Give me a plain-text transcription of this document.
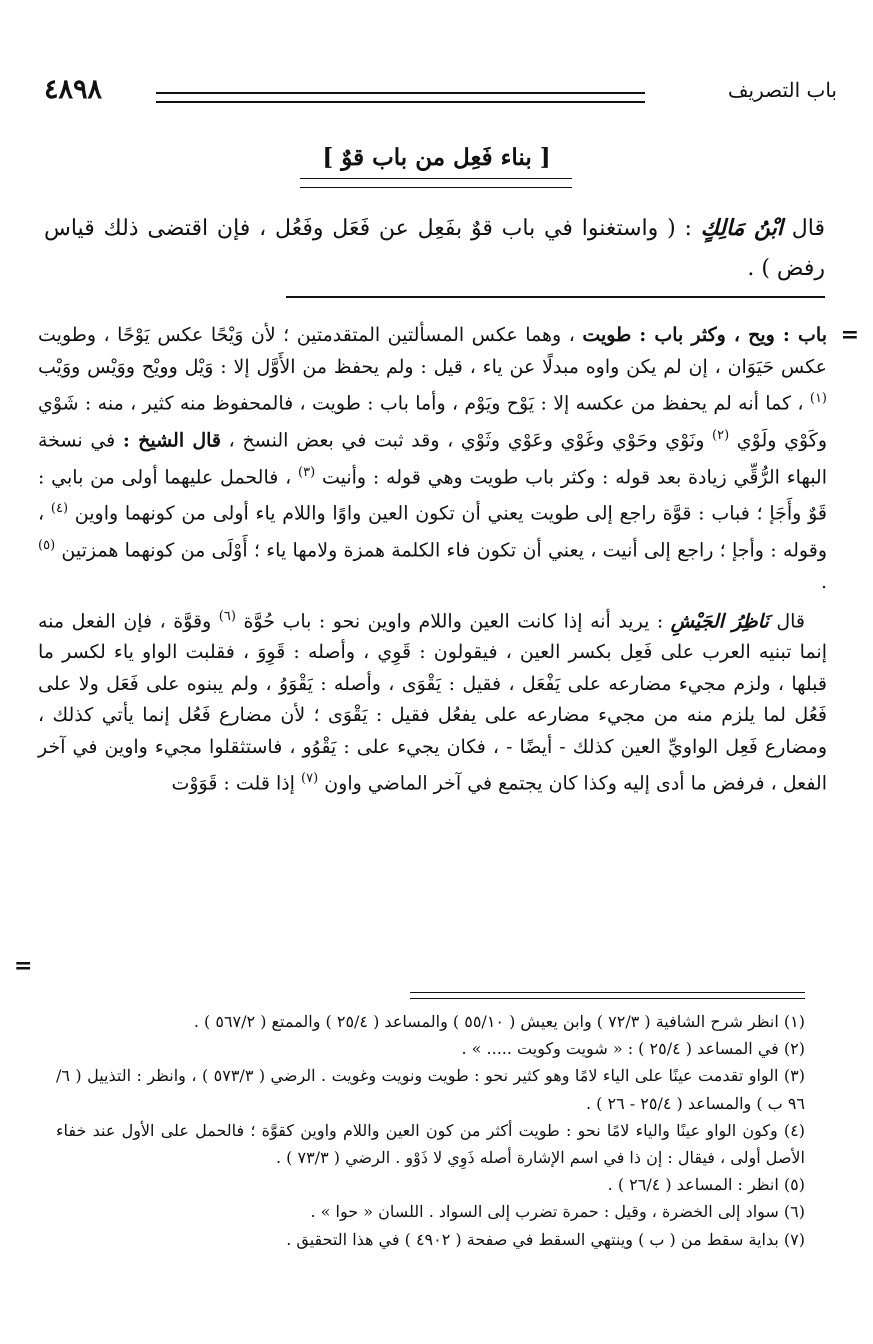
٤٨٩٨	باب التصريف
[ بناء فَعِل من باب قوٌ ]
قال ابْنُ مَالِكٍ : ( واستغنوا في باب قوٌ بفَعِل عن فَعَل وفَعُل ، فإن اقتضى ذلك قياس رفض ) .
=

باب : ويح ، وكثر باب : طويت ، وهما عكس المسألتين المتقدمتين ؛ لأن وَيْحًا عكس يَوْحًا ، وطويت عكس حَيَوَان ، إن لم يكن واوه مبدلًا عن ياء ، قيل : ولم يحفظ من الأَوَّل إلا : وَيْل وويْح ووَيْس ووَيْب $^{(١)}$ ، كما أنه لم يحفظ من عكسه إلا : يَوْح ويَوْم ، وأما باب : طويت ، فالمحفوظ منه كثير ، منه : شَوْي وكَوْي ولَوْي $^{(٢)}$ ونَوْي وحَوْي وغَوْي وعَوْي وثَوْي ، وقد ثبت في بعض النسخ ، قال الشيخ : في نسخة البهاء الرُّقِّي زيادة بعد قوله : وكثر باب طويت وهي قوله : وأنيت $^{(٣)}$ ، فالحمل عليهما أولى من بابي : قَوٌ وأَجَإ ؛ فباب : قوَّة راجع إلى طويت يعني أن تكون العين واوًا واللام ياء أولى من كونهما واوين $^{(٤)}$ ، وقوله : وأجإ ؛ راجع إلى أنيت ، يعني أن تكون فاء الكلمة همزة ولامها ياء ؛ أَوْلَى من كونهما همزتين $^{(٥)}$ .

قال نَاظِرُ الجَيْشِ : يريد أنه إذا كانت العين واللام واوين نحو : باب حُوَّة $^{(٦)}$ وقوَّة ، فإن الفعل منه إنما تبنيه العرب على فَعِل بكسر العين ، فيقولون : قَوِي ، وأصله : قَوِوَ ، فقلبت الواو ياء لكسر ما قبلها ، ولزم مجيء مضارعه على يَفْعَل ، فقيل : يَقْوَى ، وأصله : يَقْوَوُ ، ولم يبنوه على فَعَل ولا على فَعُل لما يلزم منه من مجيء مضارعه على يفعُل فقيل : يَقْوَى ؛ لأن مضارع فَعُل إنما يأتي كذلك ، ومضارع فَعِل الواويِّ العين كذلك - أيضًا - ، فكان يجيء على : يَقْوُو ، فاستثقلوا مجيء واوين في آخر الفعل ، فرفض ما أدى إليه وكذا كان يجتمع في آخر الماضي واون $^{(٧)}$ إذا قلت : قَوَوْت

=

(١) انظر شرح الشافية ( ٧٢/٣ ) وابن يعيش ( ٥٥/١٠ ) والمساعد ( ٢٥/٤ ) والممتع ( ٥٦٧/٢ ) .

(٢) في المساعد ( ٢٥/٤ ) : « شويت وكويت ..... » .

(٣) الواو تقدمت عينًا على الياء لامًا وهو كثير نحو : طويت ونويت وغويت . الرضي ( ٥٧٣/٣ ) ، وانظر : التذييل ( ٦/ ٩٦ ب ) والمساعد ( ٢٥/٤ - ٢٦ ) .

(٤) وكون الواو عينًا والياء لامًا نحو : طويت أكثر من كون العين واللام واوين كقوَّة ؛ فالحمل على الأول عند خفاء الأصل أولى ، فيقال : إن ذا في اسم الإشارة أصله ذَوِي لا ذَوْو . الرضي ( ٧٣/٣ ) .

(٥) انظر : المساعد ( ٢٦/٤ ) .

(٦) سواد إلى الخضرة ، وقيل : حمرة تضرب إلى السواد . اللسان « حوا » .

(٧) بداية سقط من ( ب ) وينتهي السقط في صفحة ( ٤٩٠٢ ) في هذا التحقيق .
